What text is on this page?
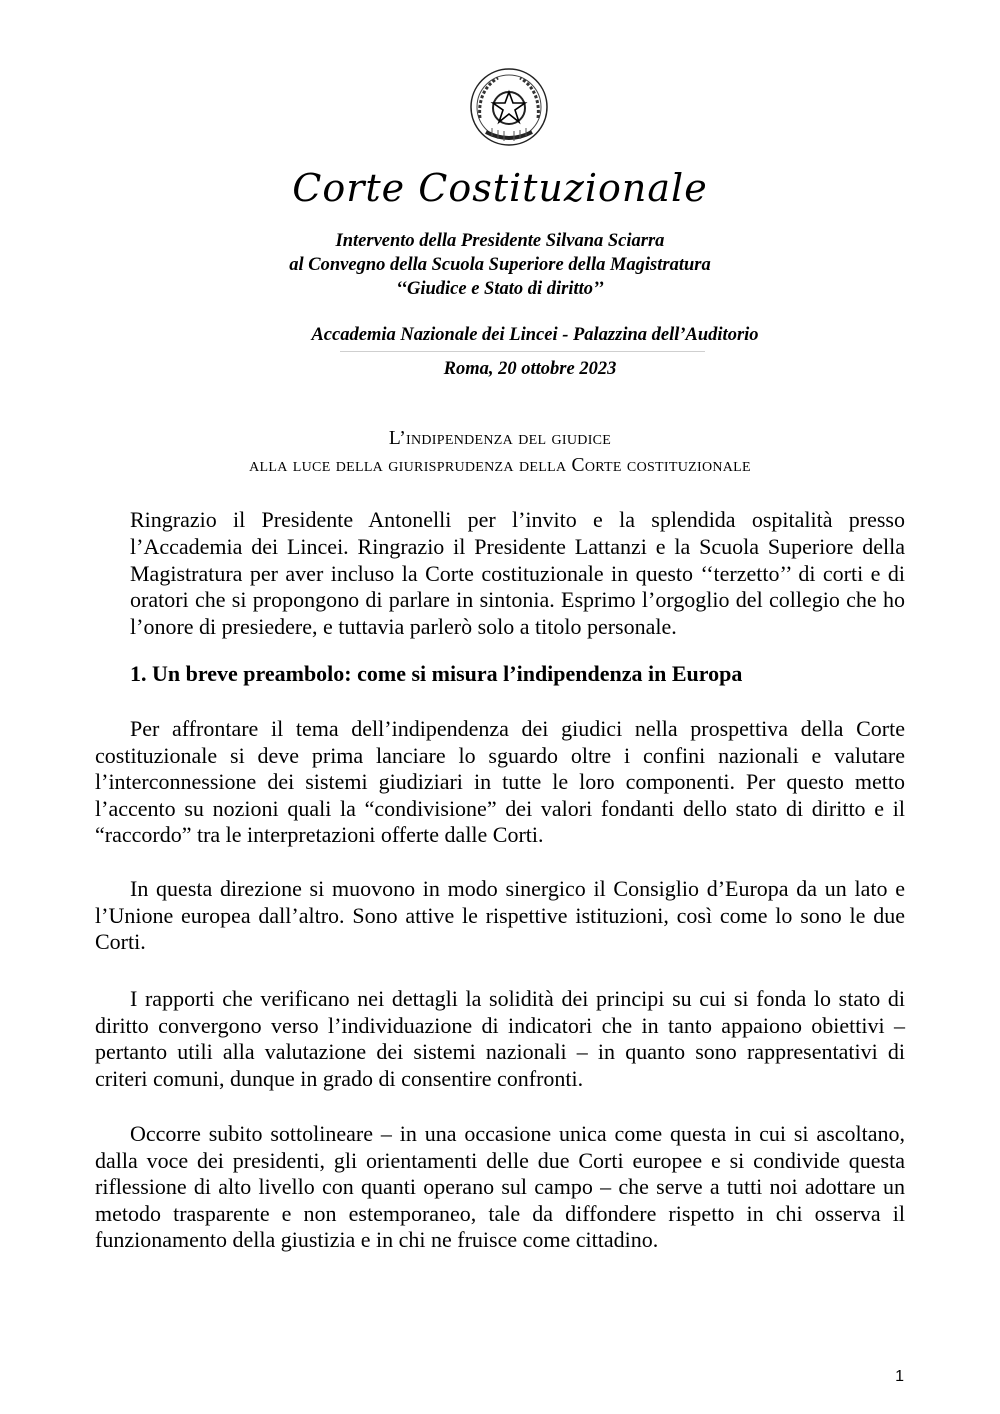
Corte Costituzionale
Intervento della Presidente Silvana Sciarra
al Convegno della Scuola Superiore della Magistratura
‘‘Giudice e Stato di diritto’’
Accademia Nazionale dei Lincei - Palazzina dell’Auditorio
Roma, 20 ottobre 2023
L’indipendenza del giudice
alla luce della giurisprudenza della Corte costituzionale
Ringrazio il Presidente Antonelli per l’invito e la splendida ospitalità presso
l’Accademia dei Lincei. Ringrazio il Presidente Lattanzi e la Scuola Superiore della Magistratura per aver incluso la Corte costituzionale in questo ‘‘terzetto’’ di corti e di oratori che si propongono di parlare in sintonia. Esprimo l’orgoglio del collegio che ho l’onore di presiedere, e tuttavia parlerò solo a titolo personale.
1. Un breve preambolo: come si misura l’indipendenza in Europa
Per affrontare il tema dell’indipendenza dei giudici nella prospettiva della Corte costituzionale si deve prima lanciare lo sguardo oltre i confini nazionali e valutare l’interconnessione dei sistemi giudiziari in tutte le loro componenti. Per questo metto l’accento su nozioni quali la “condivisione” dei valori fondanti dello stato di diritto e il “raccordo” tra le interpretazioni offerte dalle Corti.
In questa direzione si muovono in modo sinergico il Consiglio d’Europa da un lato e l’Unione europea dall’altro. Sono attive le rispettive istituzioni, così come lo sono le due Corti.
I rapporti che verificano nei dettagli la solidità dei principi su cui si fonda lo stato di diritto convergono verso l’individuazione di indicatori che in tanto appaiono obiettivi – pertanto utili alla valutazione dei sistemi nazionali – in quanto sono rappresentativi di criteri comuni, dunque in grado di consentire confronti.
Occorre subito sottolineare – in una occasione unica come questa in cui si ascoltano, dalla voce dei presidenti, gli orientamenti delle due Corti europee e si condivide questa riflessione di alto livello con quanti operano sul campo – che serve a tutti noi adottare un metodo trasparente e non estemporaneo, tale da diffondere rispetto in chi osserva il funzionamento della giustizia e in chi ne fruisce come cittadino.
1
